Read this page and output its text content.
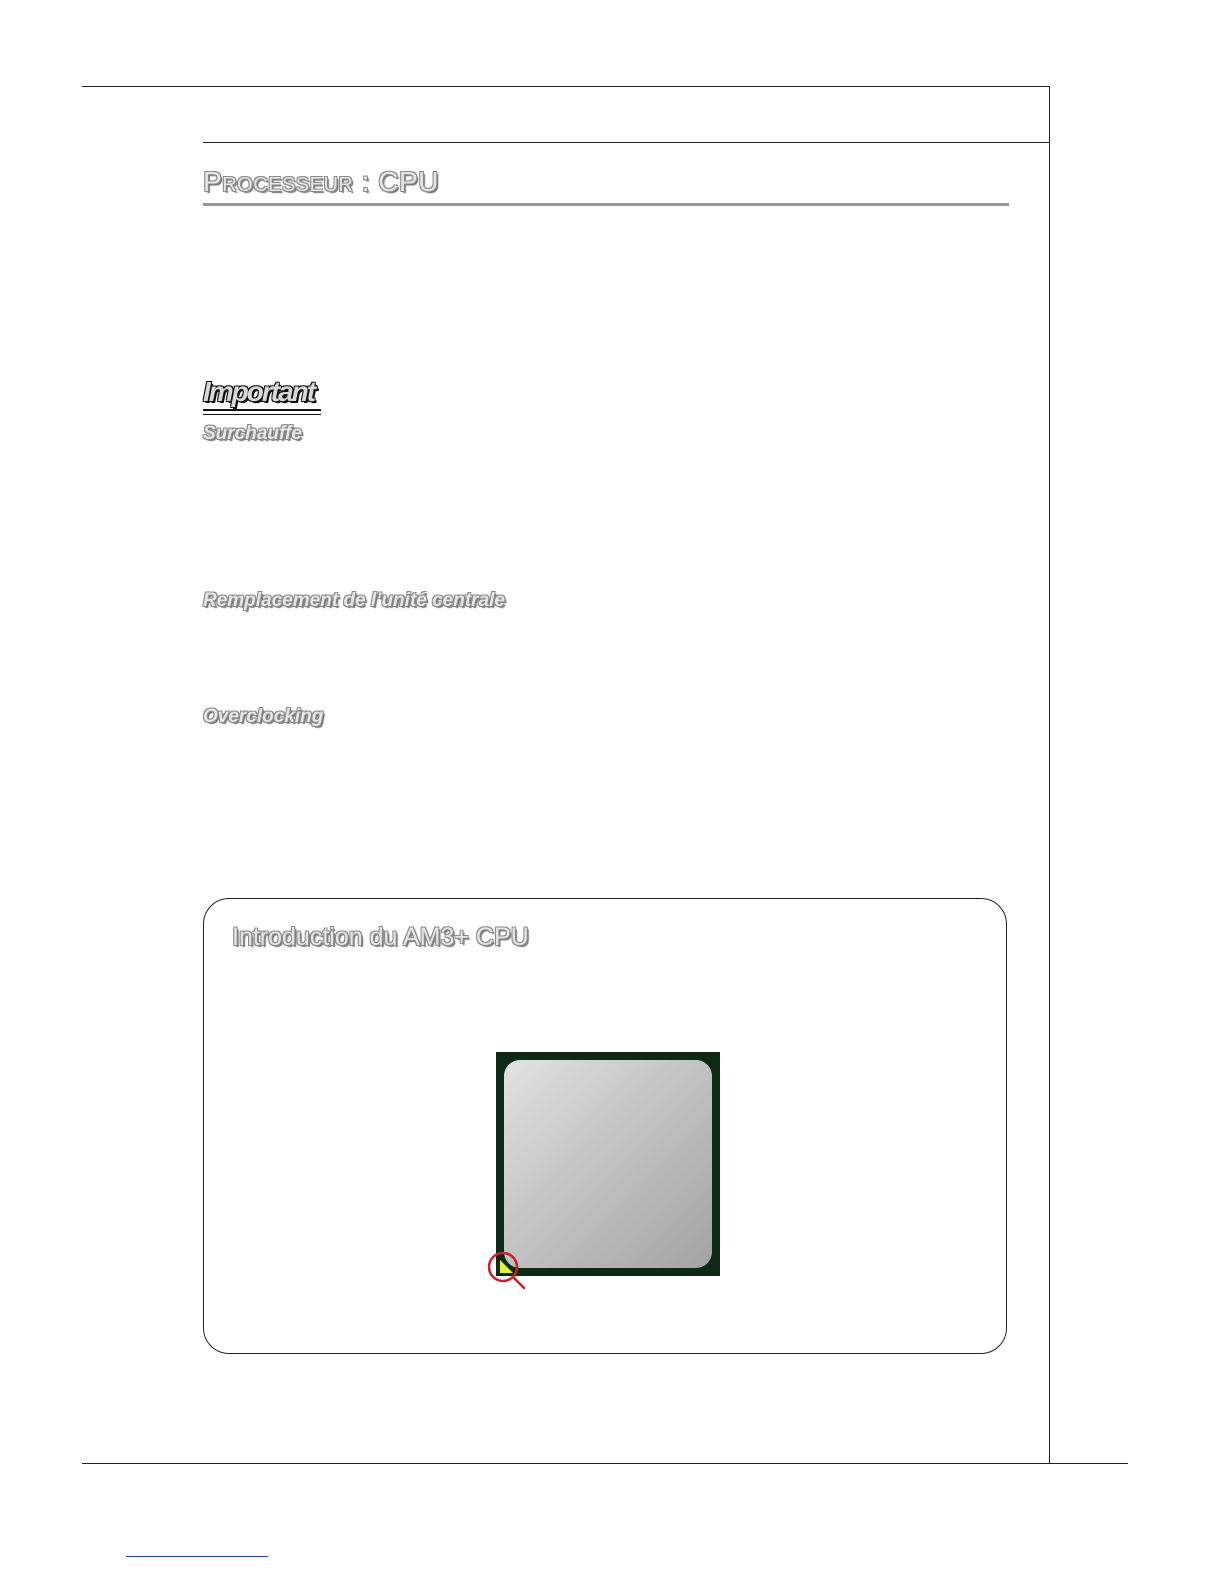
Processeur : CPU
Important
Surchauffe
Remplacement de l’unité centrale
Overclocking
Introduction du AM3+ CPU
